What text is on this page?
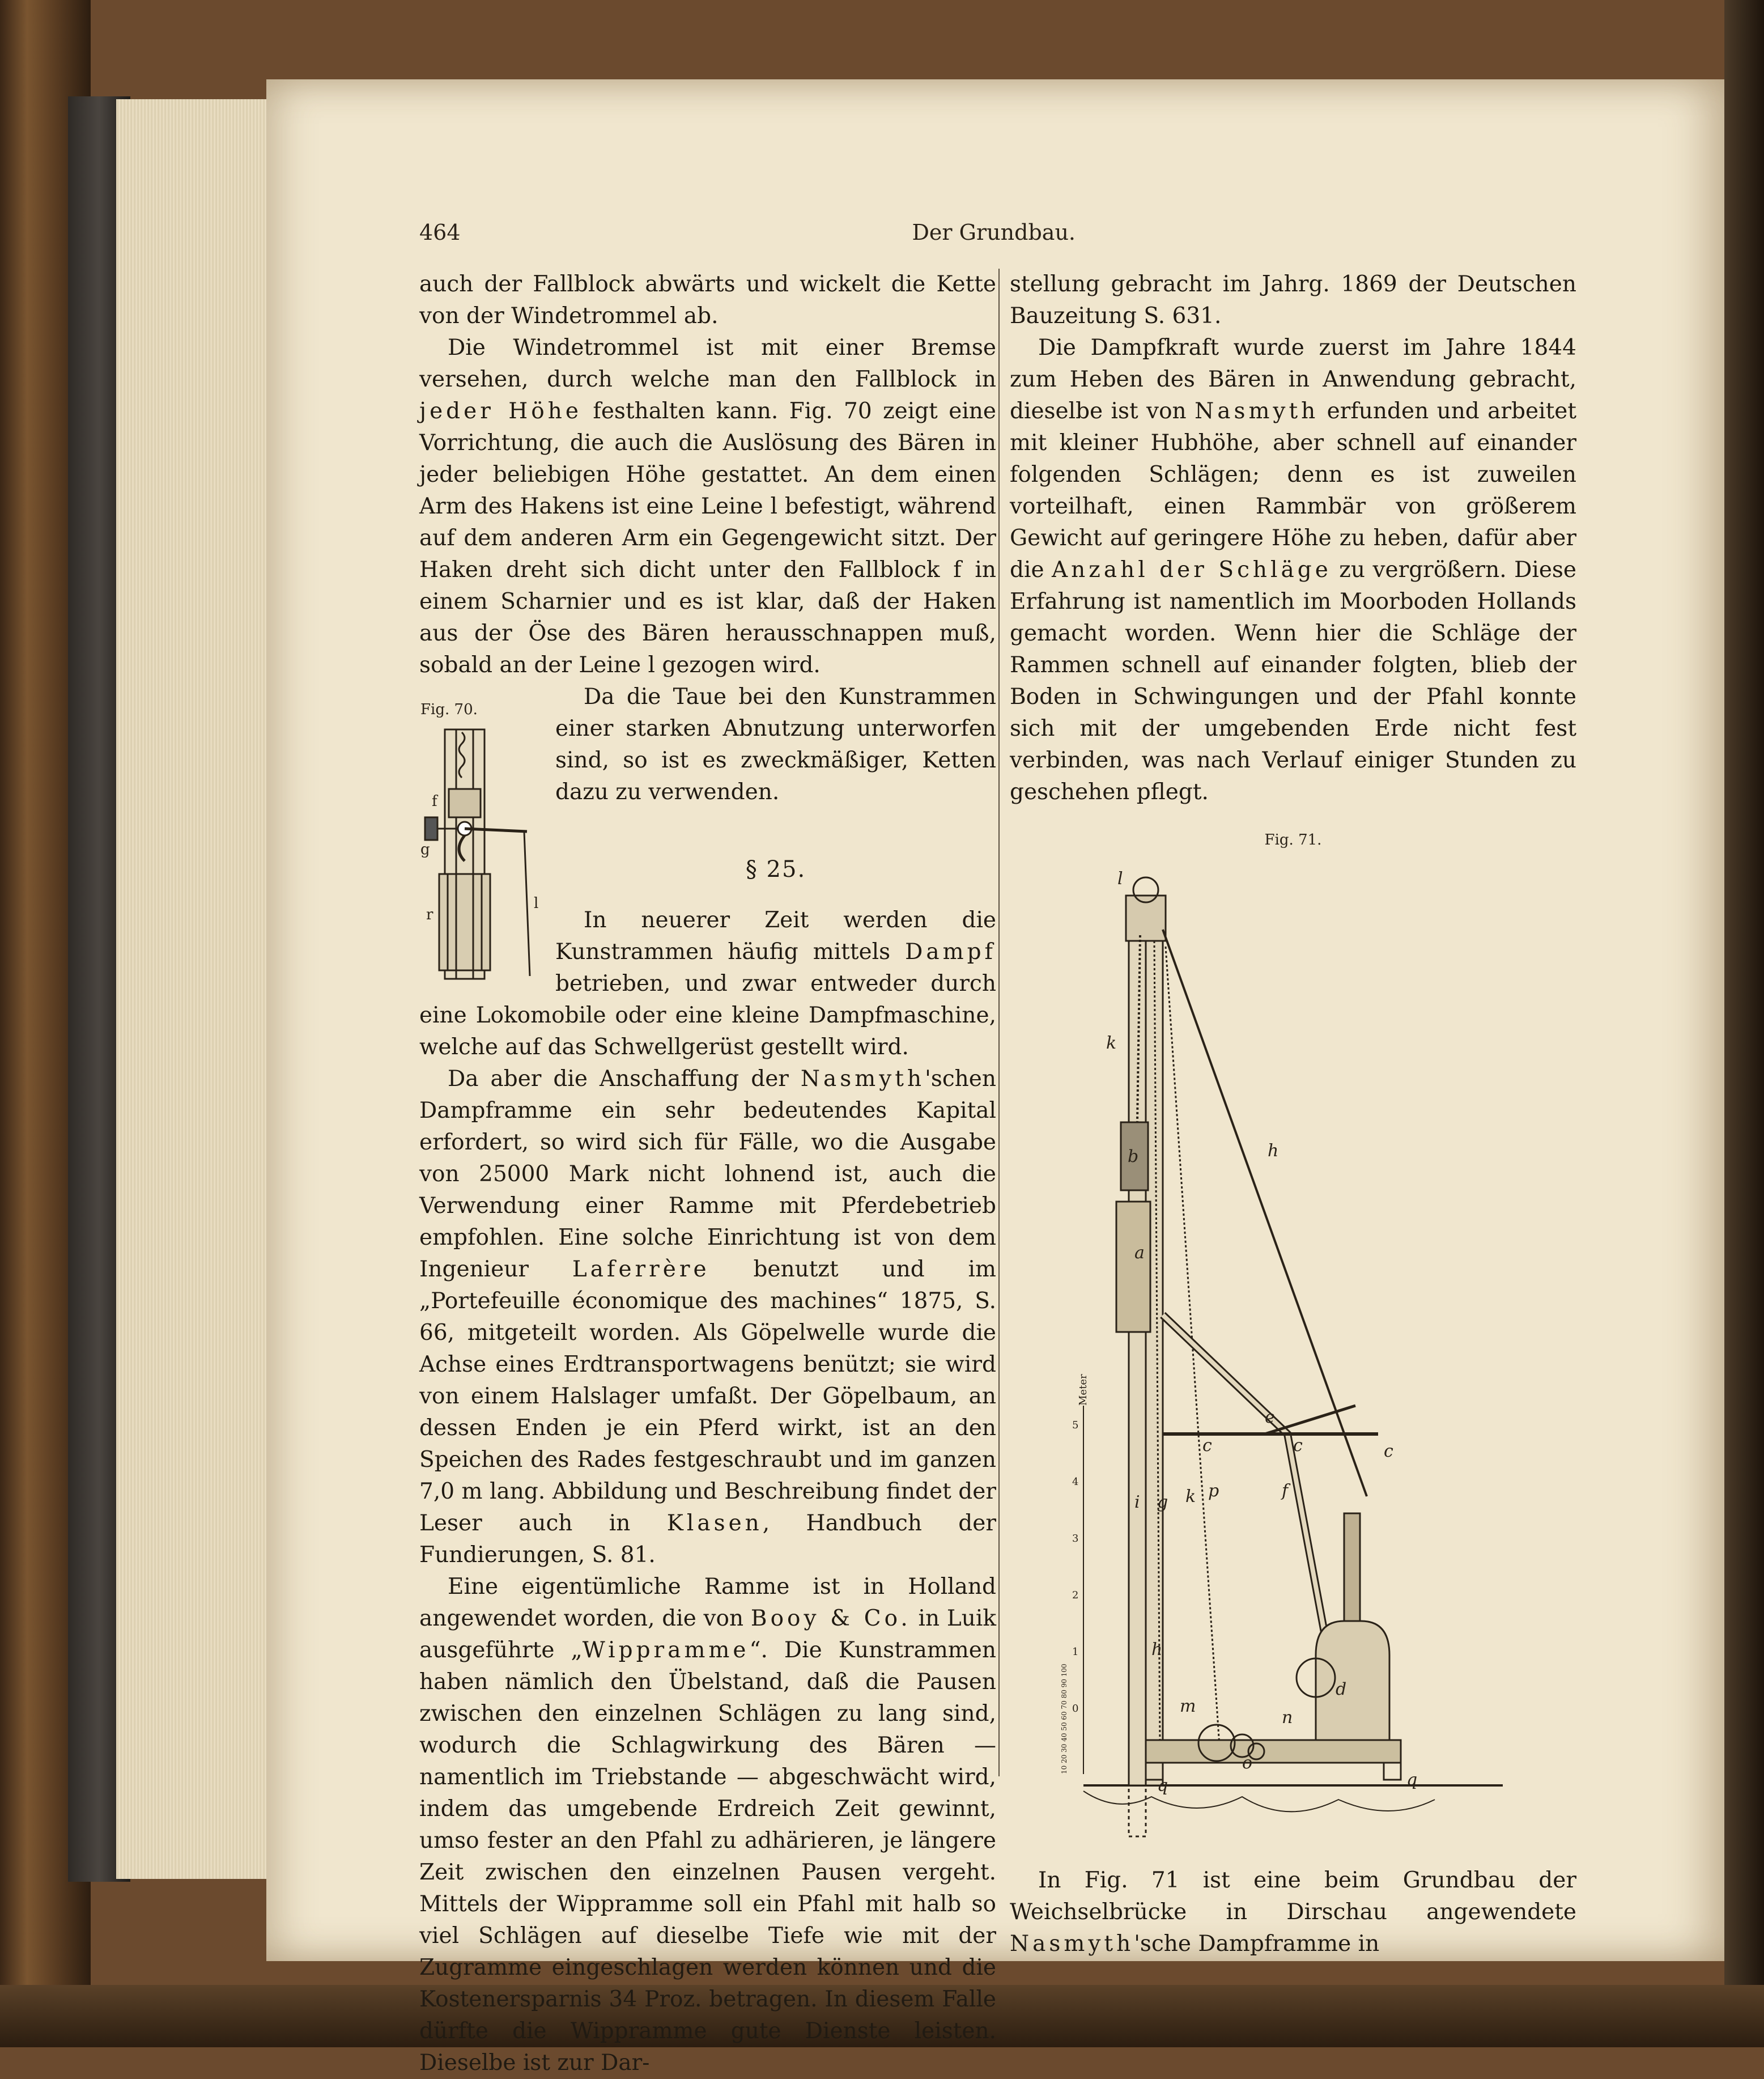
464	Der Grundbau.

auch der Fallblock abwärts und wickelt die Kette von der Windetrommel ab.

Die Windetrommel ist mit einer Bremse versehen, durch welche man den Fallblock in jeder Höhe festhalten kann. Fig. 70 zeigt eine Vorrichtung, die auch die Auslösung des Bären in jeder beliebigen Höhe gestattet. An dem einen Arm des Hakens ist eine Leine l befestigt, während auf dem anderen Arm ein Gegengewicht sitzt. Der Haken dreht sich dicht unter den Fallblock f in einem Scharnier und es ist klar, daß der Haken aus der Öse des Bären herausschnappen muß, sobald an der Leine l gezogen wird.

Fig. 70.
f
g
r
l

Da die Taue bei den Kunstrammen einer starken Abnutzung unterworfen sind, so ist es zweckmäßiger, Ketten dazu zu verwenden.

§ 25.

In neuerer Zeit werden die Kunstrammen häufig mittels Dampf betrieben, und zwar entweder durch eine Lokomobile oder eine kleine Dampfmaschine, welche auf das Schwellgerüst gestellt wird.

Da aber die Anschaffung der Nasmyth'schen Dampframme ein sehr bedeutendes Kapital erfordert, so wird sich für Fälle, wo die Ausgabe von 25000 Mark nicht lohnend ist, auch die Verwendung einer Ramme mit Pferdebetrieb empfohlen. Eine solche Einrichtung ist von dem Ingenieur Laferrère benutzt und im „Portefeuille économique des machines“ 1875, S. 66, mitgeteilt worden. Als Göpelwelle wurde die Achse eines Erdtransportwagens benützt; sie wird von einem Halslager umfaßt. Der Göpelbaum, an dessen Enden je ein Pferd wirkt, ist an den Speichen des Rades festgeschraubt und im ganzen 7,0 m lang. Abbildung und Beschreibung findet der Leser auch in Klasen, Handbuch der Fundierungen, S. 81.

Eine eigentümliche Ramme ist in Holland angewendet worden, die von Booy & Co. in Luik ausgeführte „Wippramme“. Die Kunstrammen haben nämlich den Übelstand, daß die Pausen zwischen den einzelnen Schlägen zu lang sind, wodurch die Schlagwirkung des Bären — namentlich im Triebstande — abgeschwächt wird, indem das umgebende Erdreich Zeit gewinnt, umso fester an den Pfahl zu adhärieren, je längere Zeit zwischen den einzelnen Pausen vergeht. Mittels der Wippramme soll ein Pfahl mit halb so viel Schlägen auf dieselbe Tiefe wie mit der Zugramme eingeschlagen werden können und die Kostenersparnis 34 Proz. betragen. In diesem Falle dürfte die Wippramme gute Dienste leisten. Dieselbe ist zur Dar-

stellung gebracht im Jahrg. 1869 der Deutschen Bauzeitung S. 631.

Die Dampfkraft wurde zuerst im Jahre 1844 zum Heben des Bären in Anwendung gebracht, dieselbe ist von Nasmyth erfunden und arbeitet mit kleiner Hubhöhe, aber schnell auf einander folgenden Schlägen; denn es ist zuweilen vorteilhaft, einen Rammbär von größerem Gewicht auf geringere Höhe zu heben, dafür aber die Anzahl der Schläge zu vergrößern. Diese Erfahrung ist namentlich im Moorboden Hollands gemacht worden. Wenn hier die Schläge der Rammen schnell auf einander folgten, blieb der Boden in Schwingungen und der Pfahl konnte sich mit der umgebenden Erde nicht fest verbinden, was nach Verlauf einiger Stunden zu geschehen pflegt.

Fig. 71.
l
k
b	h
a
c
e
c	c
f
k p
i g
h
m
o
n
d
q	q
Meter
5
4
3
2
1
0
10 20 30 40 50 60 70 80 90 100

In Fig. 71 ist eine beim Grundbau der Weichselbrücke in Dirschau angewendete Nasmyth'sche Dampframme in
